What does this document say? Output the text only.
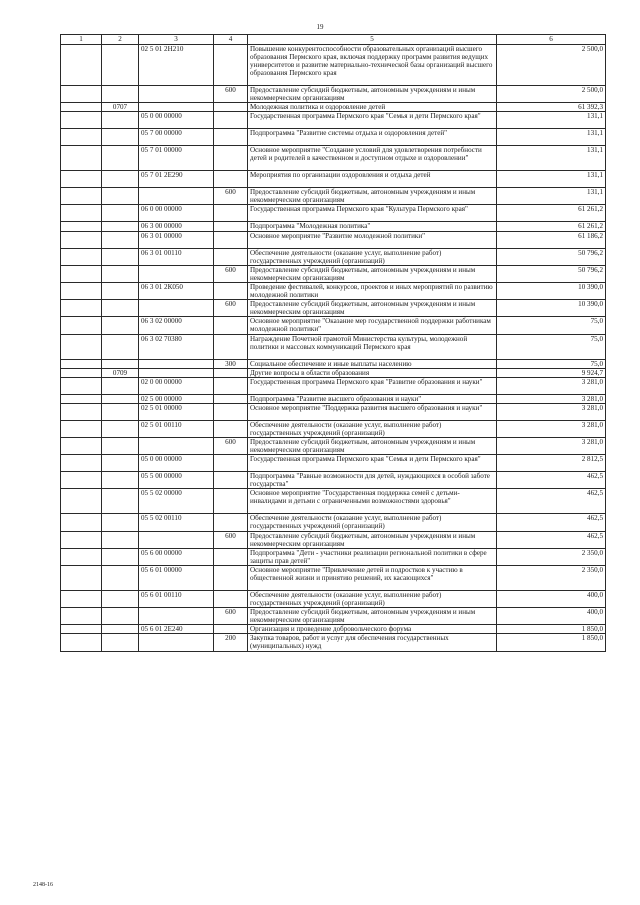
19
1	2	3	4	5	6
		02 5 01 2Н210		Повышение конкурентоспособности образовательных организаций высшего образования Пермского края, включая поддержку программ развития ведущих университетов и развитие материально-технической базы организаций высшего образования Пермского края	2 500,0
			600	Предоставление субсидий бюджетным, автономным учреждениям и иным некоммерческим организациям	2 500,0
	0707			Молодежная политика и оздоровление детей	61 392,3
		05 0 00 00000		Государственная программа Пермского края "Семья и дети Пермского края"	131,1
		05 7 00 00000		Подпрограмма "Развитие системы отдыха и оздоровления детей"	131,1
		05 7 01 00000		Основное мероприятие "Создание условий для удовлетворения потребности детей и родителей в качественном и доступном отдыхе и оздоровлении"	131,1
		05 7 01 2Е290		Мероприятия по организации оздоровления и отдыха детей	131,1
			600	Предоставление субсидий бюджетным, автономным учреждениям и иным некоммерческим организациям	131,1
		06 0 00 00000		Государственная программа Пермского края "Культура Пермского края"	61 261,2
		06 3 00 00000		Подпрограмма "Молодежная политика"	61 261,2
		06 3 01 00000		Основное мероприятие "Развитие молодежной политики"	61 186,2
		06 3 01 00110		Обеспечение деятельности (оказание услуг, выполнение работ) государственных учреждений (организаций)	50 796,2
			600	Предоставление субсидий бюджетным, автономным учреждениям и иным некоммерческим организациям	50 796,2
		06 3 01 2К050		Проведение фестивалей, конкурсов, проектов и иных мероприятий по развитию молодежной политики	10 390,0
			600	Предоставление субсидий бюджетным, автономным учреждениям и иным некоммерческим организациям	10 390,0
		06 3 02 00000		Основное мероприятие "Оказание мер государственной поддержки работникам молодежной политики"	75,0
		06 3 02 70380		Награждение Почетной грамотой Министерства культуры, молодежной политики и массовых коммуникаций Пермского края	75,0
			300	Социальное обеспечение и иные выплаты населению	75,0
	0709			Другие вопросы в области образования	9 924,7
		02 0 00 00000		Государственная программа Пермского края "Развитие образования и науки"	3 281,0
		02 5 00 00000		Подпрограмма "Развитие высшего образования и науки"	3 281,0
		02 5 01 00000		Основное мероприятие "Поддержка развития высшего образования и науки"	3 281,0
		02 5 01 00110		Обеспечение деятельности (оказание услуг, выполнение работ) государственных учреждений (организаций)	3 281,0
			600	Предоставление субсидий бюджетным, автономным учреждениям и иным некоммерческим организациям	3 281,0
		05 0 00 00000		Государственная программа Пермского края "Семья и дети Пермского края"	2 812,5
		05 5 00 00000		Подпрограмма "Равные возможности для детей, нуждающихся в особой заботе государства"	462,5
		05 5 02 00000		Основное мероприятие "Государственная поддержка семей с детьми-инвалидами и детьми с ограниченными возможностями здоровья"	462,5
		05 5 02 00110		Обеспечение деятельности (оказание услуг, выполнение работ) государственных учреждений (организаций)	462,5
			600	Предоставление субсидий бюджетным, автономным учреждениям и иным некоммерческим организациям	462,5
		05 6 00 00000		Подпрограмма "Дети - участники реализации региональной политики в сфере защиты прав детей"	2 350,0
		05 6 01 00000		Основное мероприятие "Привлечение детей и подростков к участию в общественной жизни и принятию решений, их касающихся"	2 350,0
		05 6 01 00110		Обеспечение деятельности (оказание услуг, выполнение работ) государственных учреждений (организаций)	400,0
			600	Предоставление субсидий бюджетным, автономным учреждениям и иным некоммерческим организациям	400,0
		05 6 01 2Е240		Организация и проведение добровольческого форума	1 850,0
			200	Закупка товаров, работ и услуг для обеспечения государственных (муниципальных) нужд	1 850,0
2148-16
